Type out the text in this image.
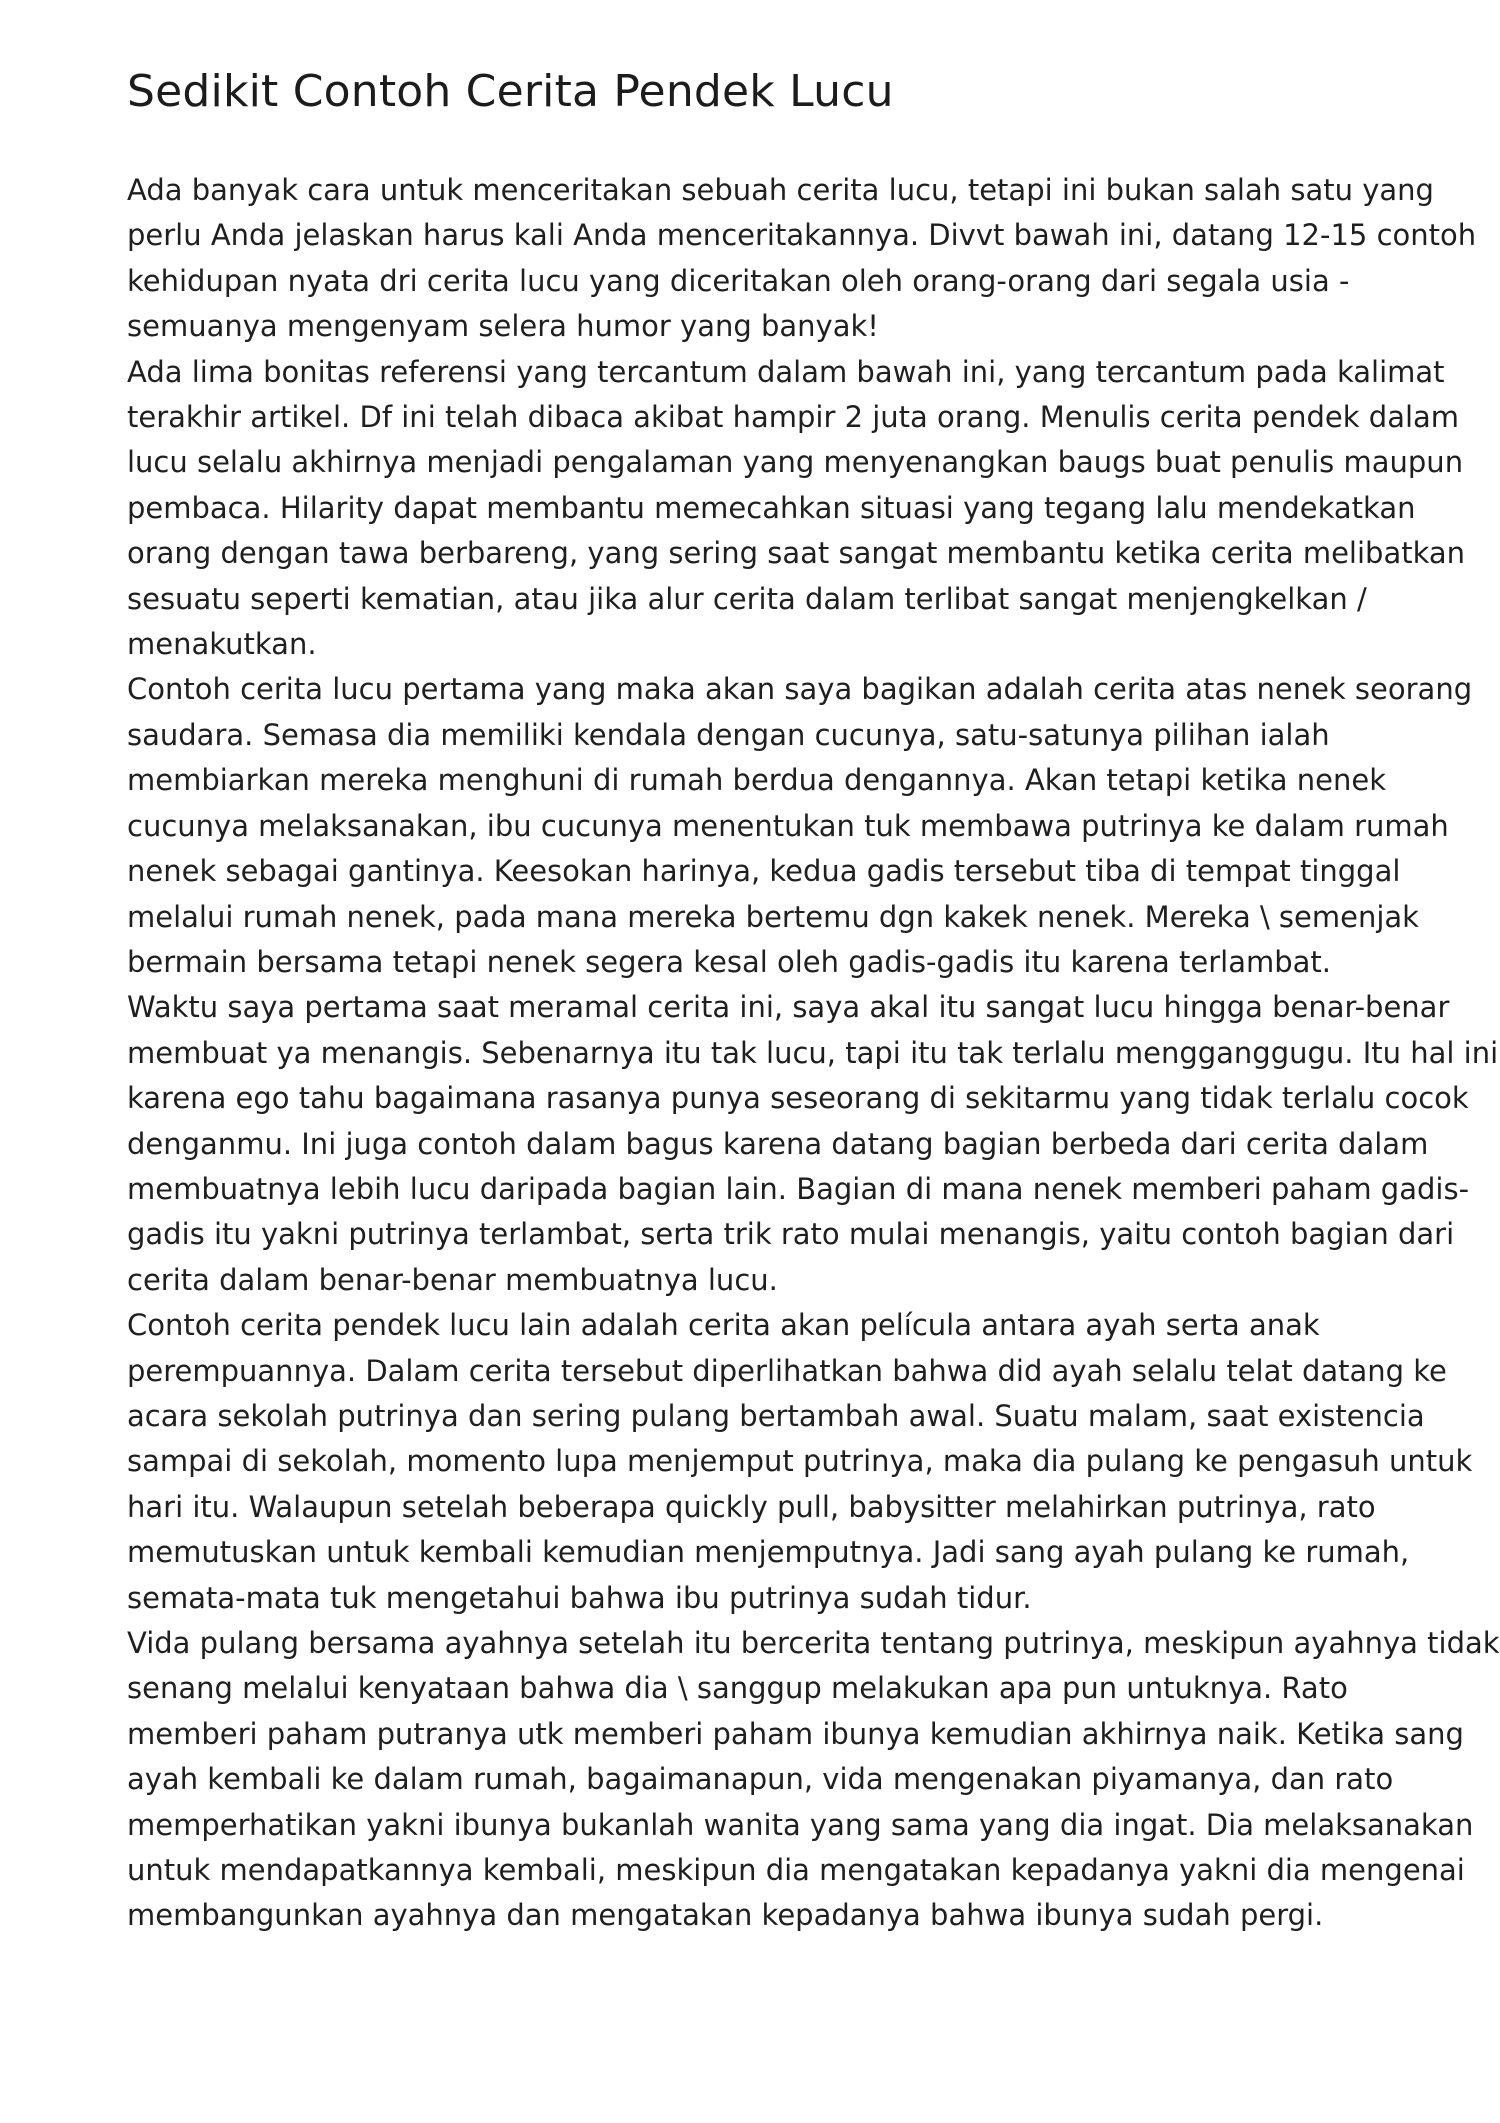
Sedikit Contoh Cerita Pendek Lucu

Ada banyak cara untuk menceritakan sebuah cerita lucu, tetapi ini bukan salah satu yang
perlu Anda jelaskan harus kali Anda menceritakannya. Divvt bawah ini, datang 12-15 contoh
kehidupan nyata dri cerita lucu yang diceritakan oleh orang-orang dari segala usia -
semuanya mengenyam selera humor yang banyak!

Ada lima bonitas referensi yang tercantum dalam bawah ini, yang tercantum pada kalimat
terakhir artikel. Df ini telah dibaca akibat hampir 2 juta orang. Menulis cerita pendek dalam
lucu selalu akhirnya menjadi pengalaman yang menyenangkan baugs buat penulis maupun
pembaca. Hilarity dapat membantu memecahkan situasi yang tegang lalu mendekatkan
orang dengan tawa berbareng, yang sering saat sangat membantu ketika cerita melibatkan
sesuatu seperti kematian, atau jika alur cerita dalam terlibat sangat menjengkelkan /
menakutkan.

Contoh cerita lucu pertama yang maka akan saya bagikan adalah cerita atas nenek seorang
saudara. Semasa dia memiliki kendala dengan cucunya, satu-satunya pilihan ialah
membiarkan mereka menghuni di rumah berdua dengannya. Akan tetapi ketika nenek
cucunya melaksanakan, ibu cucunya menentukan tuk membawa putrinya ke dalam rumah
nenek sebagai gantinya. Keesokan harinya, kedua gadis tersebut tiba di tempat tinggal
melalui rumah nenek, pada mana mereka bertemu dgn kakek nenek. Mereka \ semenjak
bermain bersama tetapi nenek segera kesal oleh gadis-gadis itu karena terlambat.

Waktu saya pertama saat meramal cerita ini, saya akal itu sangat lucu hingga benar-benar
membuat ya menangis. Sebenarnya itu tak lucu, tapi itu tak terlalu mengganggugu. Itu hal ini
karena ego tahu bagaimana rasanya punya seseorang di sekitarmu yang tidak terlalu cocok
denganmu. Ini juga contoh dalam bagus karena datang bagian berbeda dari cerita dalam
membuatnya lebih lucu daripada bagian lain. Bagian di mana nenek memberi paham gadis-
gadis itu yakni putrinya terlambat, serta trik rato mulai menangis, yaitu contoh bagian dari
cerita dalam benar-benar membuatnya lucu.

Contoh cerita pendek lucu lain adalah cerita akan película antara ayah serta anak
perempuannya. Dalam cerita tersebut diperlihatkan bahwa did ayah selalu telat datang ke
acara sekolah putrinya dan sering pulang bertambah awal. Suatu malam, saat existencia
sampai di sekolah, momento lupa menjemput putrinya, maka dia pulang ke pengasuh untuk
hari itu. Walaupun setelah beberapa quickly pull, babysitter melahirkan putrinya, rato
memutuskan untuk kembali kemudian menjemputnya. Jadi sang ayah pulang ke rumah,
semata-mata tuk mengetahui bahwa ibu putrinya sudah tidur.

Vida pulang bersama ayahnya setelah itu bercerita tentang putrinya, meskipun ayahnya tidak
senang melalui kenyataan bahwa dia \ sanggup melakukan apa pun untuknya. Rato
memberi paham putranya utk memberi paham ibunya kemudian akhirnya naik. Ketika sang
ayah kembali ke dalam rumah, bagaimanapun, vida mengenakan piyamanya, dan rato
memperhatikan yakni ibunya bukanlah wanita yang sama yang dia ingat. Dia melaksanakan
untuk mendapatkannya kembali, meskipun dia mengatakan kepadanya yakni dia mengenai
membangunkan ayahnya dan mengatakan kepadanya bahwa ibunya sudah pergi.
